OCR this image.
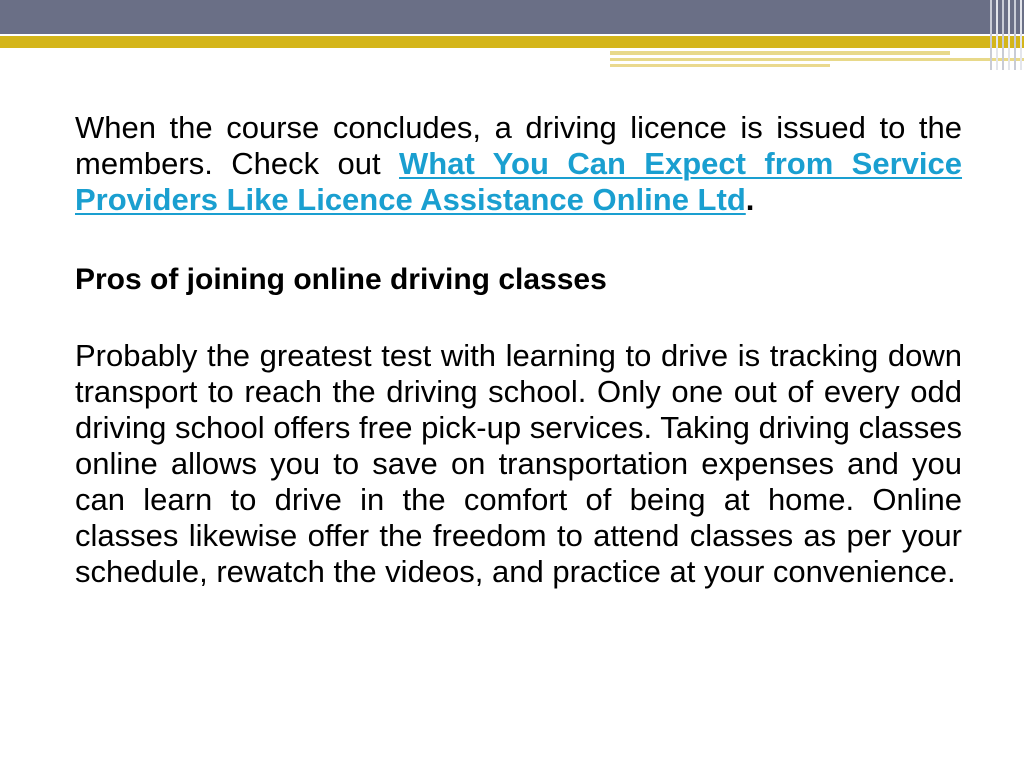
When the course concludes, a driving licence is issued to the members. Check out What You Can Expect from Service Providers Like Licence Assistance Online Ltd.

Pros of joining online driving classes

Probably the greatest test with learning to drive is tracking down transport to reach the driving school. Only one out of every odd driving school offers free pick-up services. Taking driving classes online allows you to save on transportation expenses and you can learn to drive in the comfort of being at home. Online classes likewise offer the freedom to attend classes as per your schedule, rewatch the videos, and practice at your convenience.
